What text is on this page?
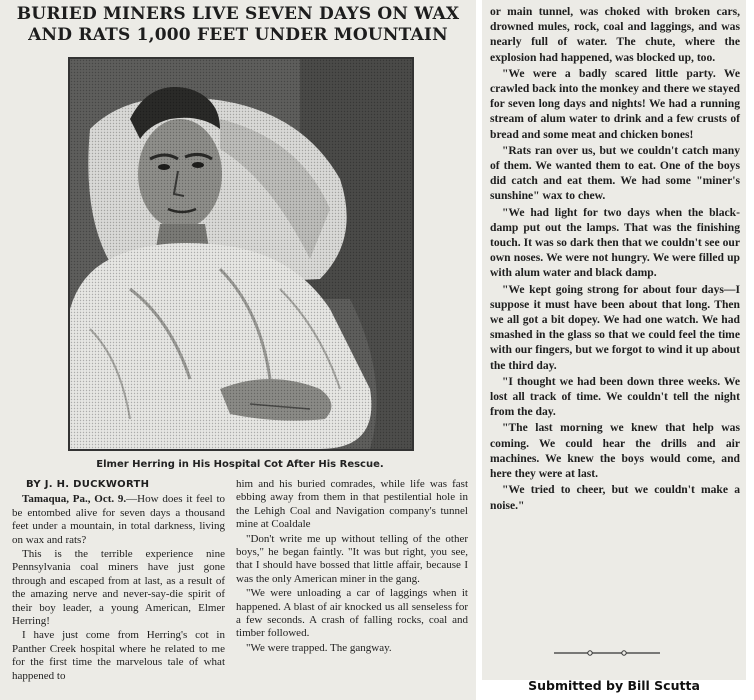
BURIED MINERS LIVE SEVEN DAYS ON WAX
AND RATS 1,000 FEET UNDER MOUNTAIN

Elmer Herring in His Hospital Cot After His Rescue.

BY J. H. DUCKWORTH

Tamaqua, Pa., Oct. 9.—How does it feel to be entombed alive for seven days a thousand feet under a mountain, in total darkness, living on wax and rats?

This is the terrible experience nine Pennsylvania coal miners have just gone through and escaped from at last, as a result of the amazing nerve and never-say-die spirit of their boy leader, a young American, Elmer Herring!

I have just come from Herring's cot in Panther Creek hospital where he related to me for the first time the marvelous tale of what happened to

him and his buried comrades, while life was fast ebbing away from them in that pestilential hole in the Lehigh Coal and Navigation company's tunnel mine at Coaldale

"Don't write me up without telling of the other boys," he began faintly. "It was but right, you see, that I should have bossed that little affair, because I was the only American miner in the gang.

"We were unloading a car of laggings when it happened. A blast of air knocked us all senseless for a few seconds. A crash of falling rocks, coal and timber followed.

"We were trapped. The gangway.

or main tunnel, was choked with broken cars, drowned mules, rock, coal and laggings, and was nearly full of water. The chute, where the explosion had happened, was blocked up, too.

"We were a badly scared little party. We crawled back into the monkey and there we stayed for seven long days and nights! We had a running stream of alum water to drink and a few crusts of bread and some meat and chicken bones!

"Rats ran over us, but we couldn't catch many of them. We wanted them to eat. One of the boys did catch and eat them. We had some "miner's sunshine" wax to chew.

"We had light for two days when the black-damp put out the lamps. That was the finishing touch. It was so dark then that we couldn't see our own noses. We were not hungry. We were filled up with alum water and black damp.

"We kept going strong for about four days—I suppose it must have been about that long. Then we all got a bit dopey. We had one watch. We had smashed in the glass so that we could feel the time with our fingers, but we forgot to wind it up about the third day.

"I thought we had been down three weeks. We lost all track of time. We couldn't tell the night from the day.

"The last morning we knew that help was coming. We could hear the drills and air machines. We knew the boys would come, and here they were at last.

"We tried to cheer, but we couldn't make a noise."

Submitted by Bill Scutta
